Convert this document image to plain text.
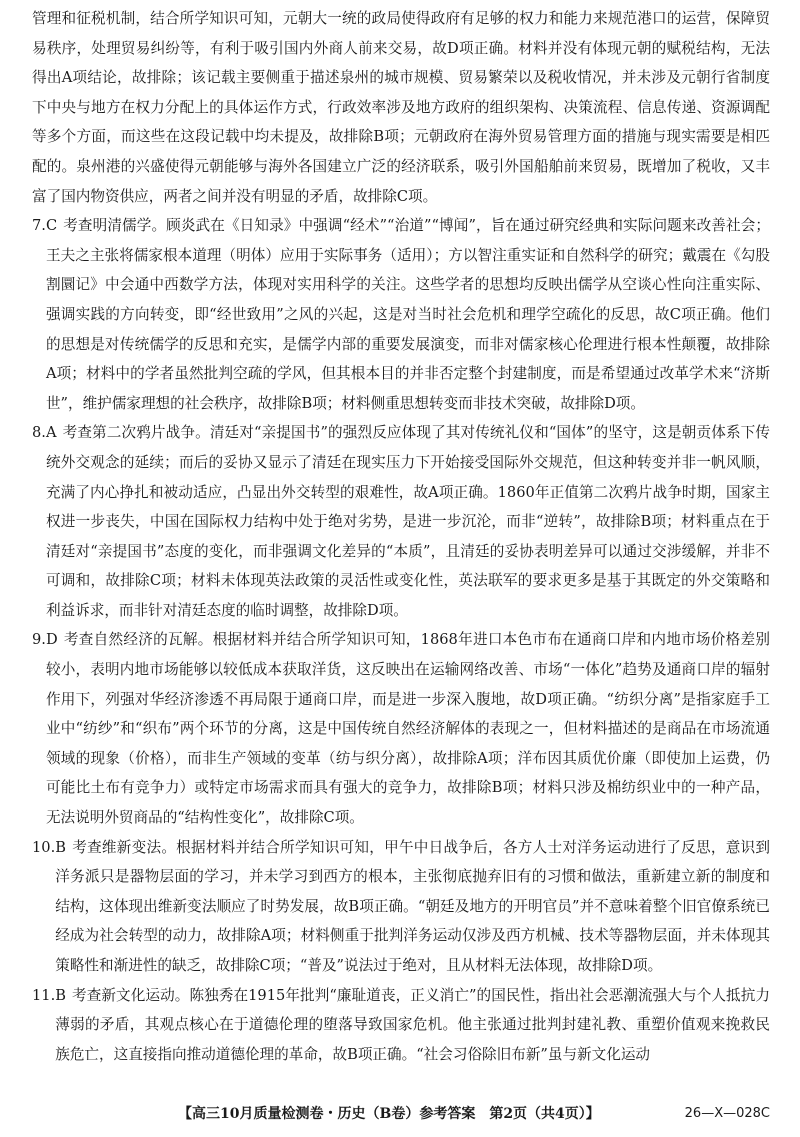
管理和征税机制，结合所学知识可知，元朝大一统的政局使得政府有足够的权力和能力来规范港口的运营，保障贸易秩序，处理贸易纠纷等，有利于吸引国内外商人前来交易，故D项正确。材料并没有体现元朝的赋税结构，无法得出A项结论，故排除；该记载主要侧重于描述泉州的城市规模、贸易繁荣以及税收情况，并未涉及元朝行省制度下中央与地方在权力分配上的具体运作方式，行政效率涉及地方政府的组织架构、决策流程、信息传递、资源调配等多个方面，而这些在这段记载中均未提及，故排除B项；元朝政府在海外贸易管理方面的措施与现实需要是相匹配的。泉州港的兴盛使得元朝能够与海外各国建立广泛的经济联系，吸引外国船舶前来贸易，既增加了税收，又丰富了国内物资供应，两者之间并没有明显的矛盾，故排除C项。

7. C 考查明清儒学。顾炎武在《日知录》中强调“经术”“治道”“博闻”，旨在通过研究经典和实际问题来改善社会；王夫之主张将儒家根本道理（明体）应用于实际事务（适用）；方以智注重实证和自然科学的研究；戴震在《勾股割圜记》中会通中西数学方法，体现对实用科学的关注。这些学者的思想均反映出儒学从空谈心性向注重实际、强调实践的方向转变，即“经世致用”之风的兴起，这是对当时社会危机和理学空疏化的反思，故C项正确。他们的思想是对传统儒学的反思和充实，是儒学内部的重要发展演变，而非对儒家核心伦理进行根本性颠覆，故排除A项；材料中的学者虽然批判空疏的学风，但其根本目的并非否定整个封建制度，而是希望通过改革学术来“济斯世”，维护儒家理想的社会秩序，故排除B项；材料侧重思想转变而非技术突破，故排除D项。
8. A 考查第二次鸦片战争。清廷对“亲提国书”的强烈反应体现了其对传统礼仪和“国体”的坚守，这是朝贡体系下传统外交观念的延续；而后的妥协又显示了清廷在现实压力下开始接受国际外交规范，但这种转变并非一帆风顺，充满了内心挣扎和被动适应，凸显出外交转型的艰难性，故A项正确。1860年正值第二次鸦片战争时期，国家主权进一步丧失，中国在国际权力结构中处于绝对劣势，是进一步沉沦，而非“逆转”，故排除B项；材料重点在于清廷对“亲提国书”态度的变化，而非强调文化差异的“本质”，且清廷的妥协表明差异可以通过交涉缓解，并非不可调和，故排除C项；材料未体现英法政策的灵活性或变化性，英法联军的要求更多是基于其既定的外交策略和利益诉求，而非针对清廷态度的临时调整，故排除D项。
9. D 考查自然经济的瓦解。根据材料并结合所学知识可知，1868年进口本色市布在通商口岸和内地市场价格差别较小，表明内地市场能够以较低成本获取洋货，这反映出在运输网络改善、市场“一体化”趋势及通商口岸的辐射作用下，列强对华经济渗透不再局限于通商口岸，而是进一步深入腹地，故D项正确。“纺织分离”是指家庭手工业中“纺纱”和“织布”两个环节的分离，这是中国传统自然经济解体的表现之一，但材料描述的是商品在市场流通领域的现象（价格），而非生产领域的变革（纺与织分离），故排除A项；洋布因其质优价廉（即使加上运费，仍可能比土布有竞争力）或特定市场需求而具有强大的竞争力，故排除B项；材料只涉及棉纺织业中的一种产品，无法说明外贸商品的“结构性变化”，故排除C项。
10. B 考查维新变法。根据材料并结合所学知识可知，甲午中日战争后，各方人士对洋务运动进行了反思，意识到洋务派只是器物层面的学习，并未学习到西方的根本，主张彻底抛弃旧有的习惯和做法，重新建立新的制度和结构，这体现出维新变法顺应了时势发展，故B项正确。“朝廷及地方的开明官员”并不意味着整个旧官僚系统已经成为社会转型的动力，故排除A项；材料侧重于批判洋务运动仅涉及西方机械、技术等器物层面，并未体现其策略性和渐进性的缺乏，故排除C项；“普及”说法过于绝对，且从材料无法体现，故排除D项。
11. B 考查新文化运动。陈独秀在1915年批判“廉耻道丧，正义消亡”的国民性，指出社会恶潮流强大与个人抵抗力薄弱的矛盾，其观点核心在于道德伦理的堕落导致国家危机。他主张通过批判封建礼教、重塑价值观来挽救民族危亡，这直接指向推动道德伦理的革命，故B项正确。“社会习俗除旧布新”虽与新文化运动
【高三10月质量检测卷・历史（B卷）参考答案　第2页（共4页）】	26—X—028C
